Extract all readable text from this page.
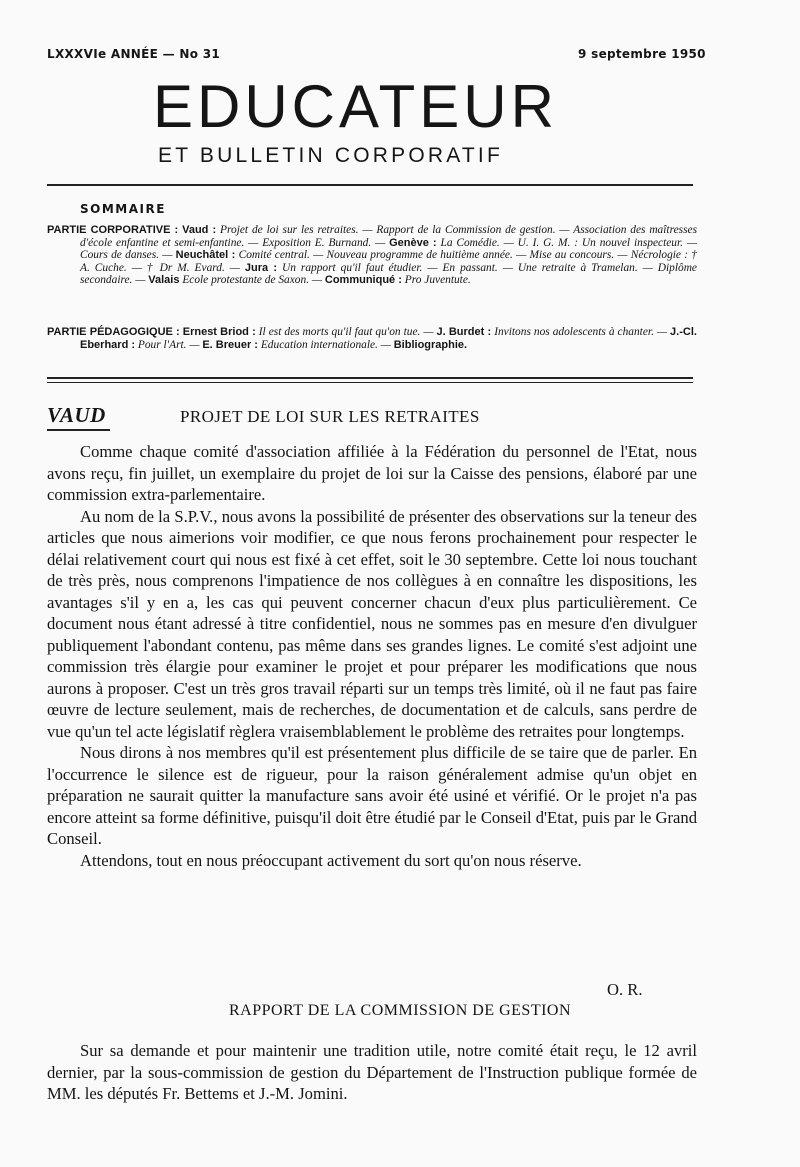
LXXXVIe ANNÉE — No 31	9 septembre 1950
EDUCATEUR
ET BULLETIN CORPORATIF
SOMMAIRE
PARTIE CORPORATIVE : Vaud : Projet de loi sur les retraites. — Rapport de la Commission de gestion. — Association des maîtresses d'école enfantine et semi-enfantine. — Exposition E. Burnand. — Genève : La Comédie. — U. I. G. M. : Un nouvel inspecteur. — Cours de danses. — Neuchâtel : Comité central. — Nouveau programme de huitième année. — Mise au concours. — Nécrologie : † A. Cuche. — † Dr M. Evard. — Jura : Un rapport qu'il faut étudier. — En passant. — Une retraite à Tramelan. — Diplôme secondaire. — Valais Ecole protestante de Saxon. — Communiqué : Pro Juventute.
PARTIE PÉDAGOGIQUE : Ernest Briod : Il est des morts qu'il faut qu'on tue. — J. Burdet : Invitons nos adolescents à chanter. — J.-Cl. Eberhard : Pour l'Art. — E. Breuer : Education internationale. — Bibliographie.
VAUD	PROJET DE LOI SUR LES RETRAITES

Comme chaque comité d'association affiliée à la Fédération du personnel de l'Etat, nous avons reçu, fin juillet, un exemplaire du projet de loi sur la Caisse des pensions, élaboré par une commission extra-parlementaire.

Au nom de la S.P.V., nous avons la possibilité de présenter des observations sur la teneur des articles que nous aimerions voir modifier, ce que nous ferons prochainement pour respecter le délai relativement court qui nous est fixé à cet effet, soit le 30 septembre. Cette loi nous touchant de très près, nous comprenons l'impatience de nos collègues à en connaître les dispositions, les avantages s'il y en a, les cas qui peuvent concerner chacun d'eux plus particulièrement. Ce document nous étant adressé à titre confidentiel, nous ne sommes pas en mesure d'en divulguer publiquement l'abondant contenu, pas même dans ses grandes lignes. Le comité s'est adjoint une commission très élargie pour examiner le projet et pour préparer les modifications que nous aurons à proposer. C'est un très gros travail réparti sur un temps très limité, où il ne faut pas faire œuvre de lecture seulement, mais de recherches, de documentation et de calculs, sans perdre de vue qu'un tel acte législatif règlera vraisemblablement le problème des retraites pour longtemps.

Nous dirons à nos membres qu'il est présentement plus difficile de se taire que de parler. En l'occurrence le silence est de rigueur, pour la raison généralement admise qu'un objet en préparation ne saurait quitter la manufacture sans avoir été usiné et vérifié. Or le projet n'a pas encore atteint sa forme définitive, puisqu'il doit être étudié par le Conseil d'Etat, puis par le Grand Conseil.

Attendons, tout en nous préoccupant activement du sort qu'on nous réserve.

O. R.
RAPPORT DE LA COMMISSION DE GESTION

Sur sa demande et pour maintenir une tradition utile, notre comité était reçu, le 12 avril dernier, par la sous-commission de gestion du Département de l'Instruction publique formée de MM. les députés Fr. Bettems et J.-M. Jomini.
